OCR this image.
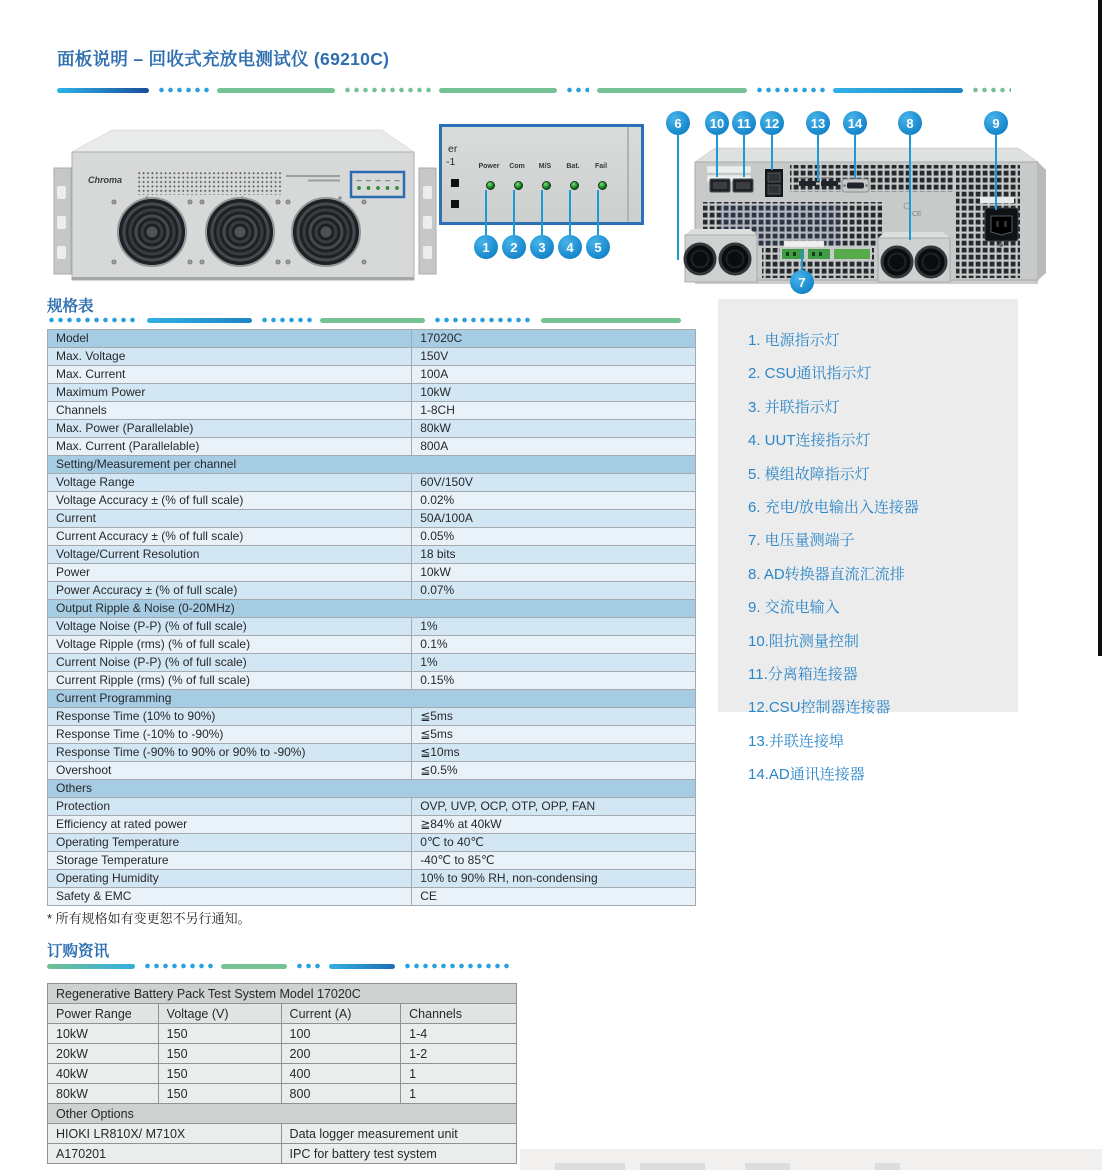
面板说明 – 回收式充放电测试仪 (69210C)
Chroma
er
-1	Power	Com	M/S	Bat.	Fail
CE
1	2	3	4	5
6	10 11	12	13	14	8	9
7
规格表
Model	17020C
Max. Voltage	150V
Max. Current	100A
Maximum Power	10kW
Channels	1-8CH
Max. Power (Parallelable)	80kW
Max. Current (Parallelable)	800A
Setting/Measurement per channel	
Voltage Range	60V/150V
Voltage Accuracy ± (% of full scale)	0.02%
Current	50A/100A
Current Accuracy ± (% of full scale)	0.05%
Voltage/Current Resolution	18 bits
Power	10kW
Power Accuracy ± (% of full scale)	0.07%
Output Ripple & Noise (0-20MHz)	
Voltage Noise (P-P) (% of full scale)	1%
Voltage Ripple (rms) (% of full scale)	0.1%
Current Noise (P-P) (% of full scale)	1%
Current Ripple (rms) (% of full scale)	0.15%
Current Programming	
Response Time (10% to 90%)	≦5ms
Response Time (-10% to -90%)	≦5ms
Response Time (-90% to 90% or 90% to -90%)	≦10ms
Overshoot	≦0.5%
Others	
Protection	OVP, UVP, OCP, OTP, OPP, FAN
Efficiency at rated power	≧84% at 40kW
Operating Temperature	0℃ to 40℃
Storage Temperature	-40℃ to 85℃
Operating Humidity	10% to 90% RH, non-condensing
Safety & EMC	CE
* 所有规格如有变更恕不另行通知。
1. 电源指示灯
2. CSU通讯指示灯
3. 并联指示灯
4. UUT连接指示灯
5. 模组故障指示灯
6. 充电/放电输出入连接器
7. 电压量测端子
8. AD转换器直流汇流排
9. 交流电输入
10.阻抗测量控制
11.分离箱连接器
12.CSU控制器连接器
13.并联连接埠
14.AD通讯连接器
订购资讯
Regenerative Battery Pack Test System Model 17020C			
Power Range	Voltage (V)	Current (A)	Channels
10kW	150	100	1-4
20kW	150	200	1-2
40kW	150	400	1
80kW	150	800	1
Other Options			
HIOKI LR810X/ M710X		Data logger measurement unit	
A170201		IPC for battery test system	
